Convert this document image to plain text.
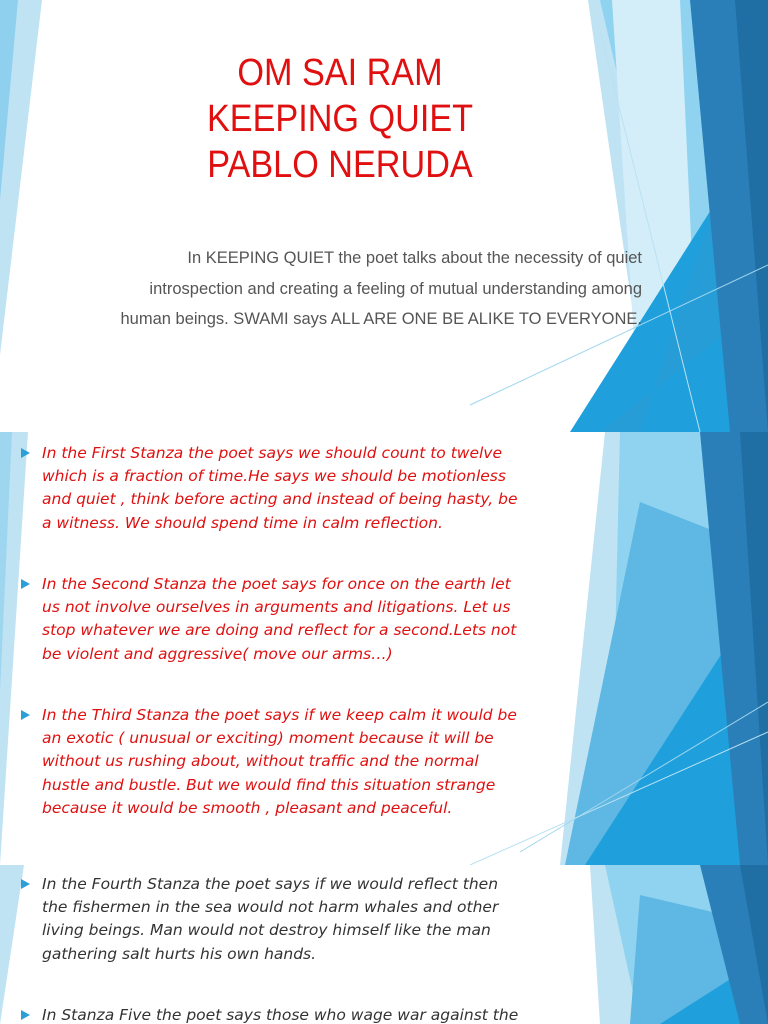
OM SAI RAM
KEEPING QUIET
PABLO NERUDA

In KEEPING QUIET the poet talks about the necessity of quiet
introspection and creating a feeling of mutual understanding among
human beings. SWAMI says ALL ARE ONE BE ALIKE TO EVERYONE.

In the First Stanza the poet says we should count to twelve
which is a fraction of time.He says we should be motionless
and quiet , think before acting and instead of being hasty, be
a witness. We should spend time in calm reflection.
In the Second Stanza the poet says for once on the earth let
us not involve ourselves in arguments and litigations. Let us
stop whatever we are doing and reflect for a second.Lets not
be violent and aggressive( move our arms…)
In the Third Stanza the poet says if we keep calm it would be
an exotic ( unusual or exciting) moment because it will be
without us rushing about, without traffic and the normal
hustle and bustle. But we would find this situation strange
because it would be smooth , pleasant and peaceful.
In the Fourth Stanza the poet says if we would reflect then
the fishermen in the sea would not harm whales and other
living beings. Man would not destroy himself like the man
gathering salt hurts his own hands.
In Stanza Five the poet says those who wage war against the
